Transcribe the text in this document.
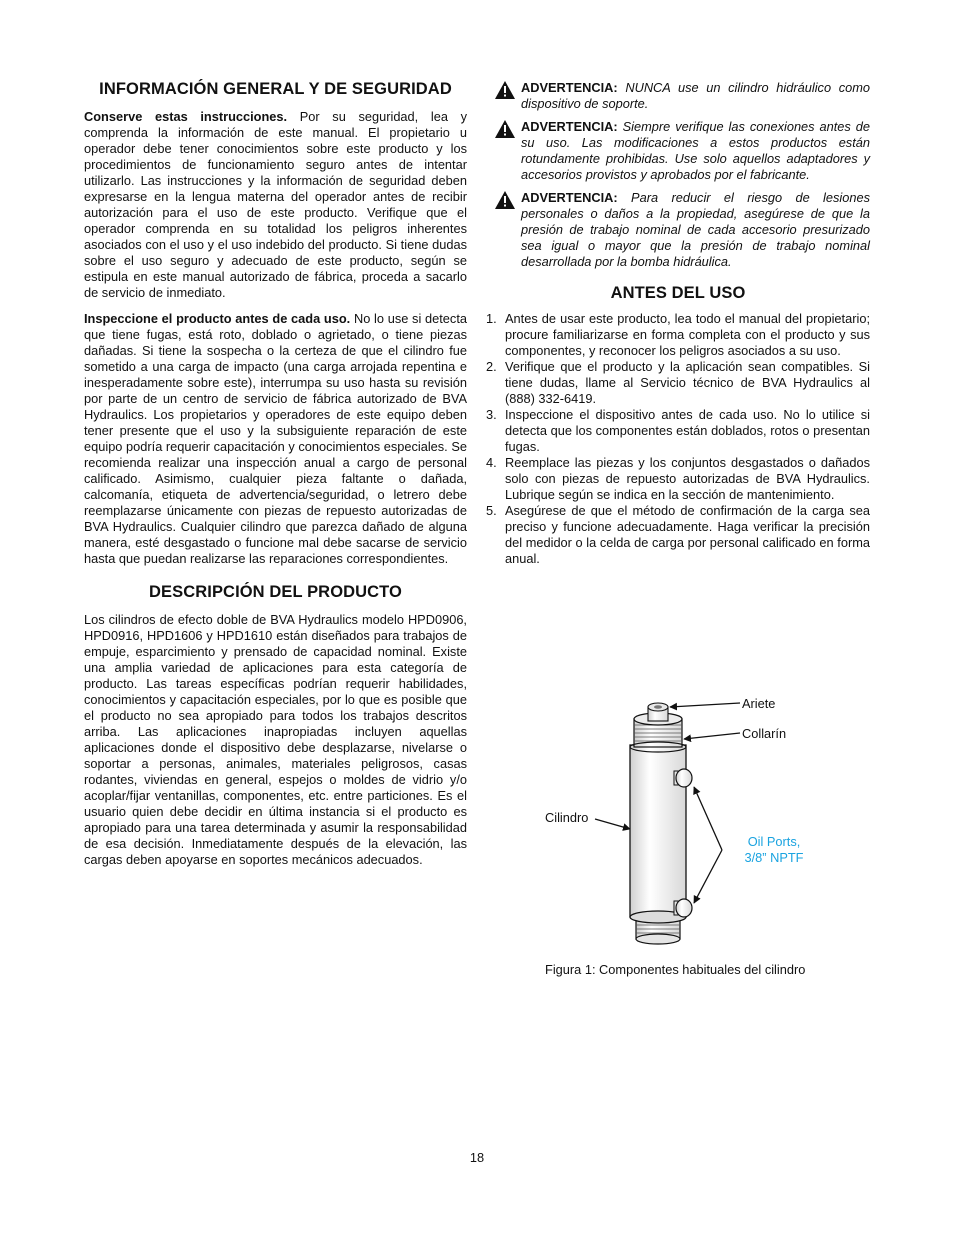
INFORMACIÓN GENERAL Y DE SEGURIDAD

Conserve estas instrucciones. Por su seguridad, lea y comprenda la información de este manual. El propietario u operador debe tener conocimientos sobre este producto y los procedimientos de funcionamiento seguro antes de intentar utilizarlo. Las instrucciones y la información de seguridad deben expresarse en la lengua materna del operador antes de recibir autorización para el uso de este producto. Verifique que el operador comprenda en su totalidad los peligros inherentes asociados con el uso y el uso indebido del producto. Si tiene dudas sobre el uso seguro y adecuado de este producto, según se estipula en este manual autorizado de fábrica, proceda a sacarlo de servicio de inmediato.

Inspeccione el producto antes de cada uso. No lo use si detecta que tiene fugas, está roto, doblado o agrietado, o tiene piezas dañadas. Si tiene la sospecha o la certeza de que el cilindro fue sometido a una carga de impacto (una carga arrojada repentina e inesperadamente sobre este), interrumpa su uso hasta su revisión por parte de un centro de servicio de fábrica autorizado de BVA Hydraulics. Los propietarios y operadores de este equipo deben tener presente que el uso y la subsiguiente reparación de este equipo podría requerir capacitación y conocimientos especiales. Se recomienda realizar una inspección anual a cargo de personal calificado. Asimismo, cualquier pieza faltante o dañada, calcomanía, etiqueta de advertencia/seguridad, o letrero debe reemplazarse únicamente con piezas de repuesto autorizadas de BVA Hydraulics. Cualquier cilindro que parezca dañado de alguna manera, esté desgastado o funcione mal debe sacarse de servicio hasta que puedan realizarse las reparaciones correspondientes.

DESCRIPCIÓN DEL PRODUCTO

Los cilindros de efecto doble de BVA Hydraulics modelo HPD0906, HPD0916, HPD1606 y HPD1610 están diseñados para trabajos de empuje, esparcimiento y prensado de capacidad nominal. Existe una amplia variedad de aplicaciones para esta categoría de producto. Las tareas específicas podrían requerir habilidades, conocimientos y capacitación especiales, por lo que es posible que el producto no sea apropiado para todos los trabajos descritos arriba. Las aplicaciones inapropiadas incluyen aquellas aplicaciones donde el dispositivo debe desplazarse, nivelarse o soportar a personas, animales, materiales peligrosos, casas rodantes, viviendas en general, espejos o moldes de vidrio y/o acoplar/fijar ventanillas, componentes, etc. entre particiones. Es el usuario quien debe decidir en última instancia si el producto es apropiado para una tarea determinada y asumir la responsabilidad de esa decisión. Inmediatamente después de la elevación, las cargas deben apoyarse en soportes mecánicos adecuados.

ADVERTENCIA: NUNCA use un cilindro hidráulico como dispositivo de soporte.
ADVERTENCIA: Siempre verifique las conexiones antes de su uso. Las modificaciones a estos productos están rotundamente prohibidas. Use solo aquellos adaptadores y accesorios provistos y aprobados por el fabricante.
ADVERTENCIA: Para reducir el riesgo de lesiones personales o daños a la propiedad, asegúrese de que la presión de trabajo nominal de cada accesorio presurizado sea igual o mayor que la presión de trabajo nominal desarrollada por la bomba hidráulica.
ANTES DEL USO
1. Antes de usar este producto, lea todo el manual del propietario; procure familiarizarse en forma completa con el producto y sus componentes, y reconocer los peligros asociados a su uso.
2. Verifique que el producto y la aplicación sean compatibles. Si tiene dudas, llame al Servicio técnico de BVA Hydraulics al (888) 332-6419.
3. Inspeccione el dispositivo antes de cada uso. No lo utilice si detecta que los componentes están doblados, rotos o presentan fugas.
4. Reemplace las piezas y los conjuntos desgastados o dañados solo con piezas de repuesto autorizadas de BVA Hydraulics. Lubrique según se indica en la sección de mantenimiento.
5. Asegúrese de que el método de confirmación de la carga sea preciso y funcione adecuadamente. Haga verificar la precisión del medidor o la celda de carga por personal calificado en forma anual.
Ariete
Collarín
Cilindro
Oil Ports,
3/8” NPTF
Figura 1: Componentes habituales del cilindro
18
